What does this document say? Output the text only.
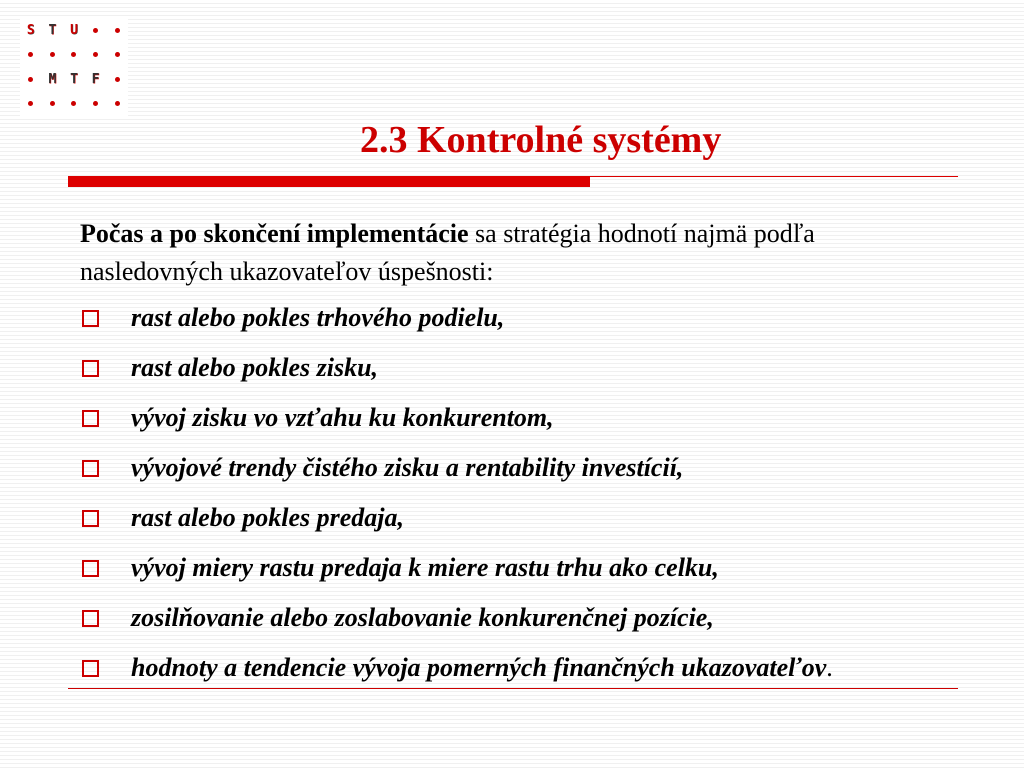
S	T	U
M	T	F
2.3 Kontrolné systémy

Počas a po skončení implementácie sa stratégia hodnotí najmä podľa nasledovných ukazovateľov úspešnosti:

rast alebo pokles trhového podielu,
rast alebo pokles zisku,
vývoj zisku vo vzťahu ku konkurentom,
vývojové trendy čistého zisku a rentability investícií,
rast alebo pokles predaja,
vývoj miery rastu predaja k miere rastu trhu ako celku,
zosilňovanie alebo zoslabovanie konkurenčnej pozície,
hodnoty a tendencie vývoja pomerných finančných ukazovateľov.
